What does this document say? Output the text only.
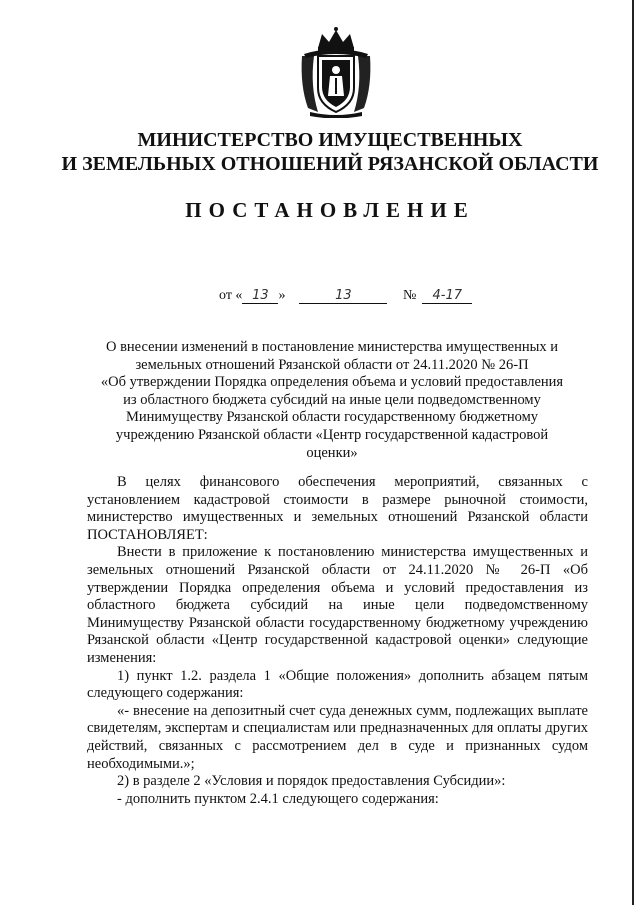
МИНИСТЕРСТВО ИМУЩЕСТВЕННЫХ
И ЗЕМЕЛЬНЫХ ОТНОШЕНИЙ РЯЗАНСКОЙ ОБЛАСТИ
ПОСТАНОВЛЕНИЕ
от « 13 »	13	№ 4-17
О внесении изменений в постановление министерства имущественных и
земельных отношений Рязанской области от 24.11.2020 № 26-П
«Об утверждении Порядка определения объема и условий предоставления
из областного бюджета субсидий на иные цели подведомственному
Минимуществу Рязанской области государственному бюджетному
учреждению Рязанской области «Центр государственной кадастровой
оценки»

В целях финансового обеспечения мероприятий, связанных с установлением кадастровой стоимости в размере рыночной стоимости, министерство имущественных и земельных отношений Рязанской области ПОСТАНОВЛЯЕТ:

Внести в приложение к постановлению министерства имущественных и земельных отношений Рязанской области от 24.11.2020 № 26-П «Об утверждении Порядка определения объема и условий предоставления из областного бюджета субсидий на иные цели подведомственному Минимуществу Рязанской области государственному бюджетному учреждению Рязанской области «Центр государственной кадастровой оценки» следующие изменения:

1) пункт 1.2. раздела 1 «Общие положения» дополнить абзацем пятым следующего содержания:

«- внесение на депозитный счет суда денежных сумм, подлежащих выплате свидетелям, экспертам и специалистам или предназначенных для оплаты других действий, связанных с рассмотрением дел в суде и признанных судом необходимыми.»;

2) в разделе 2 «Условия и порядок предоставления Субсидии»:

- дополнить пунктом 2.4.1 следующего содержания:
